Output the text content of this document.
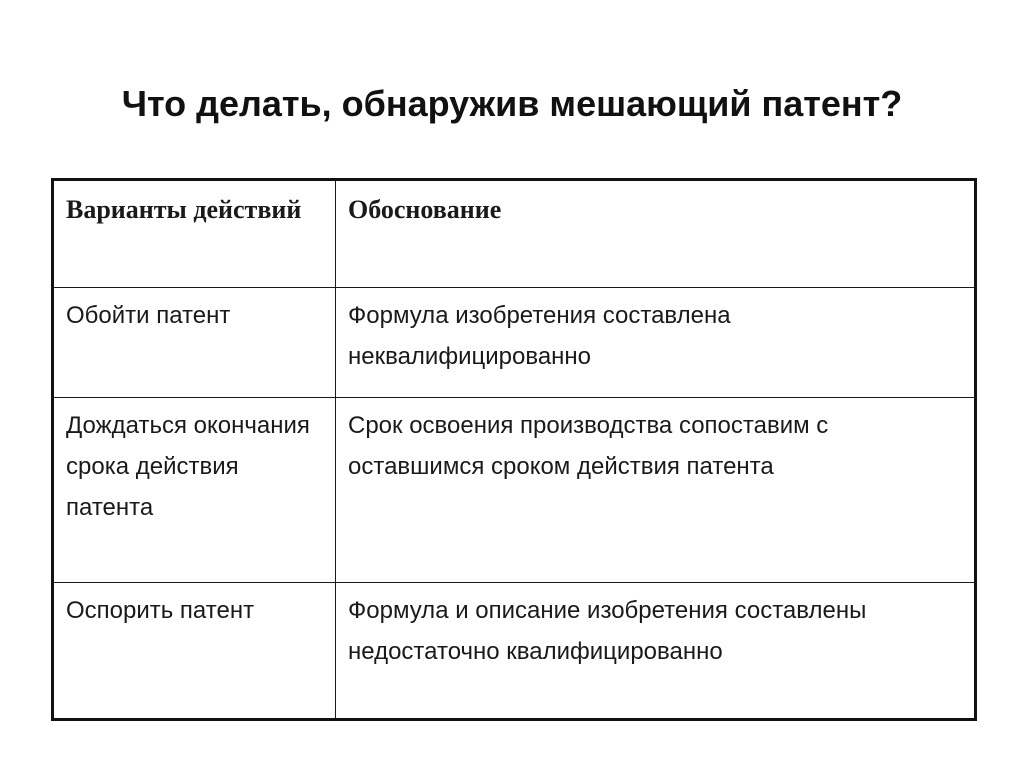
Что делать, обнаружив мешающий патент?
Варианты действий	Обоснование
Обойти патент	Формула изобретения составлена неквалифицированно
Дождаться окончания срока действия патента	Срок освоения производства сопоставим с оставшимся сроком действия патента
Оспорить патент	Формула и описание изобретения составлены недостаточно квалифицированно
